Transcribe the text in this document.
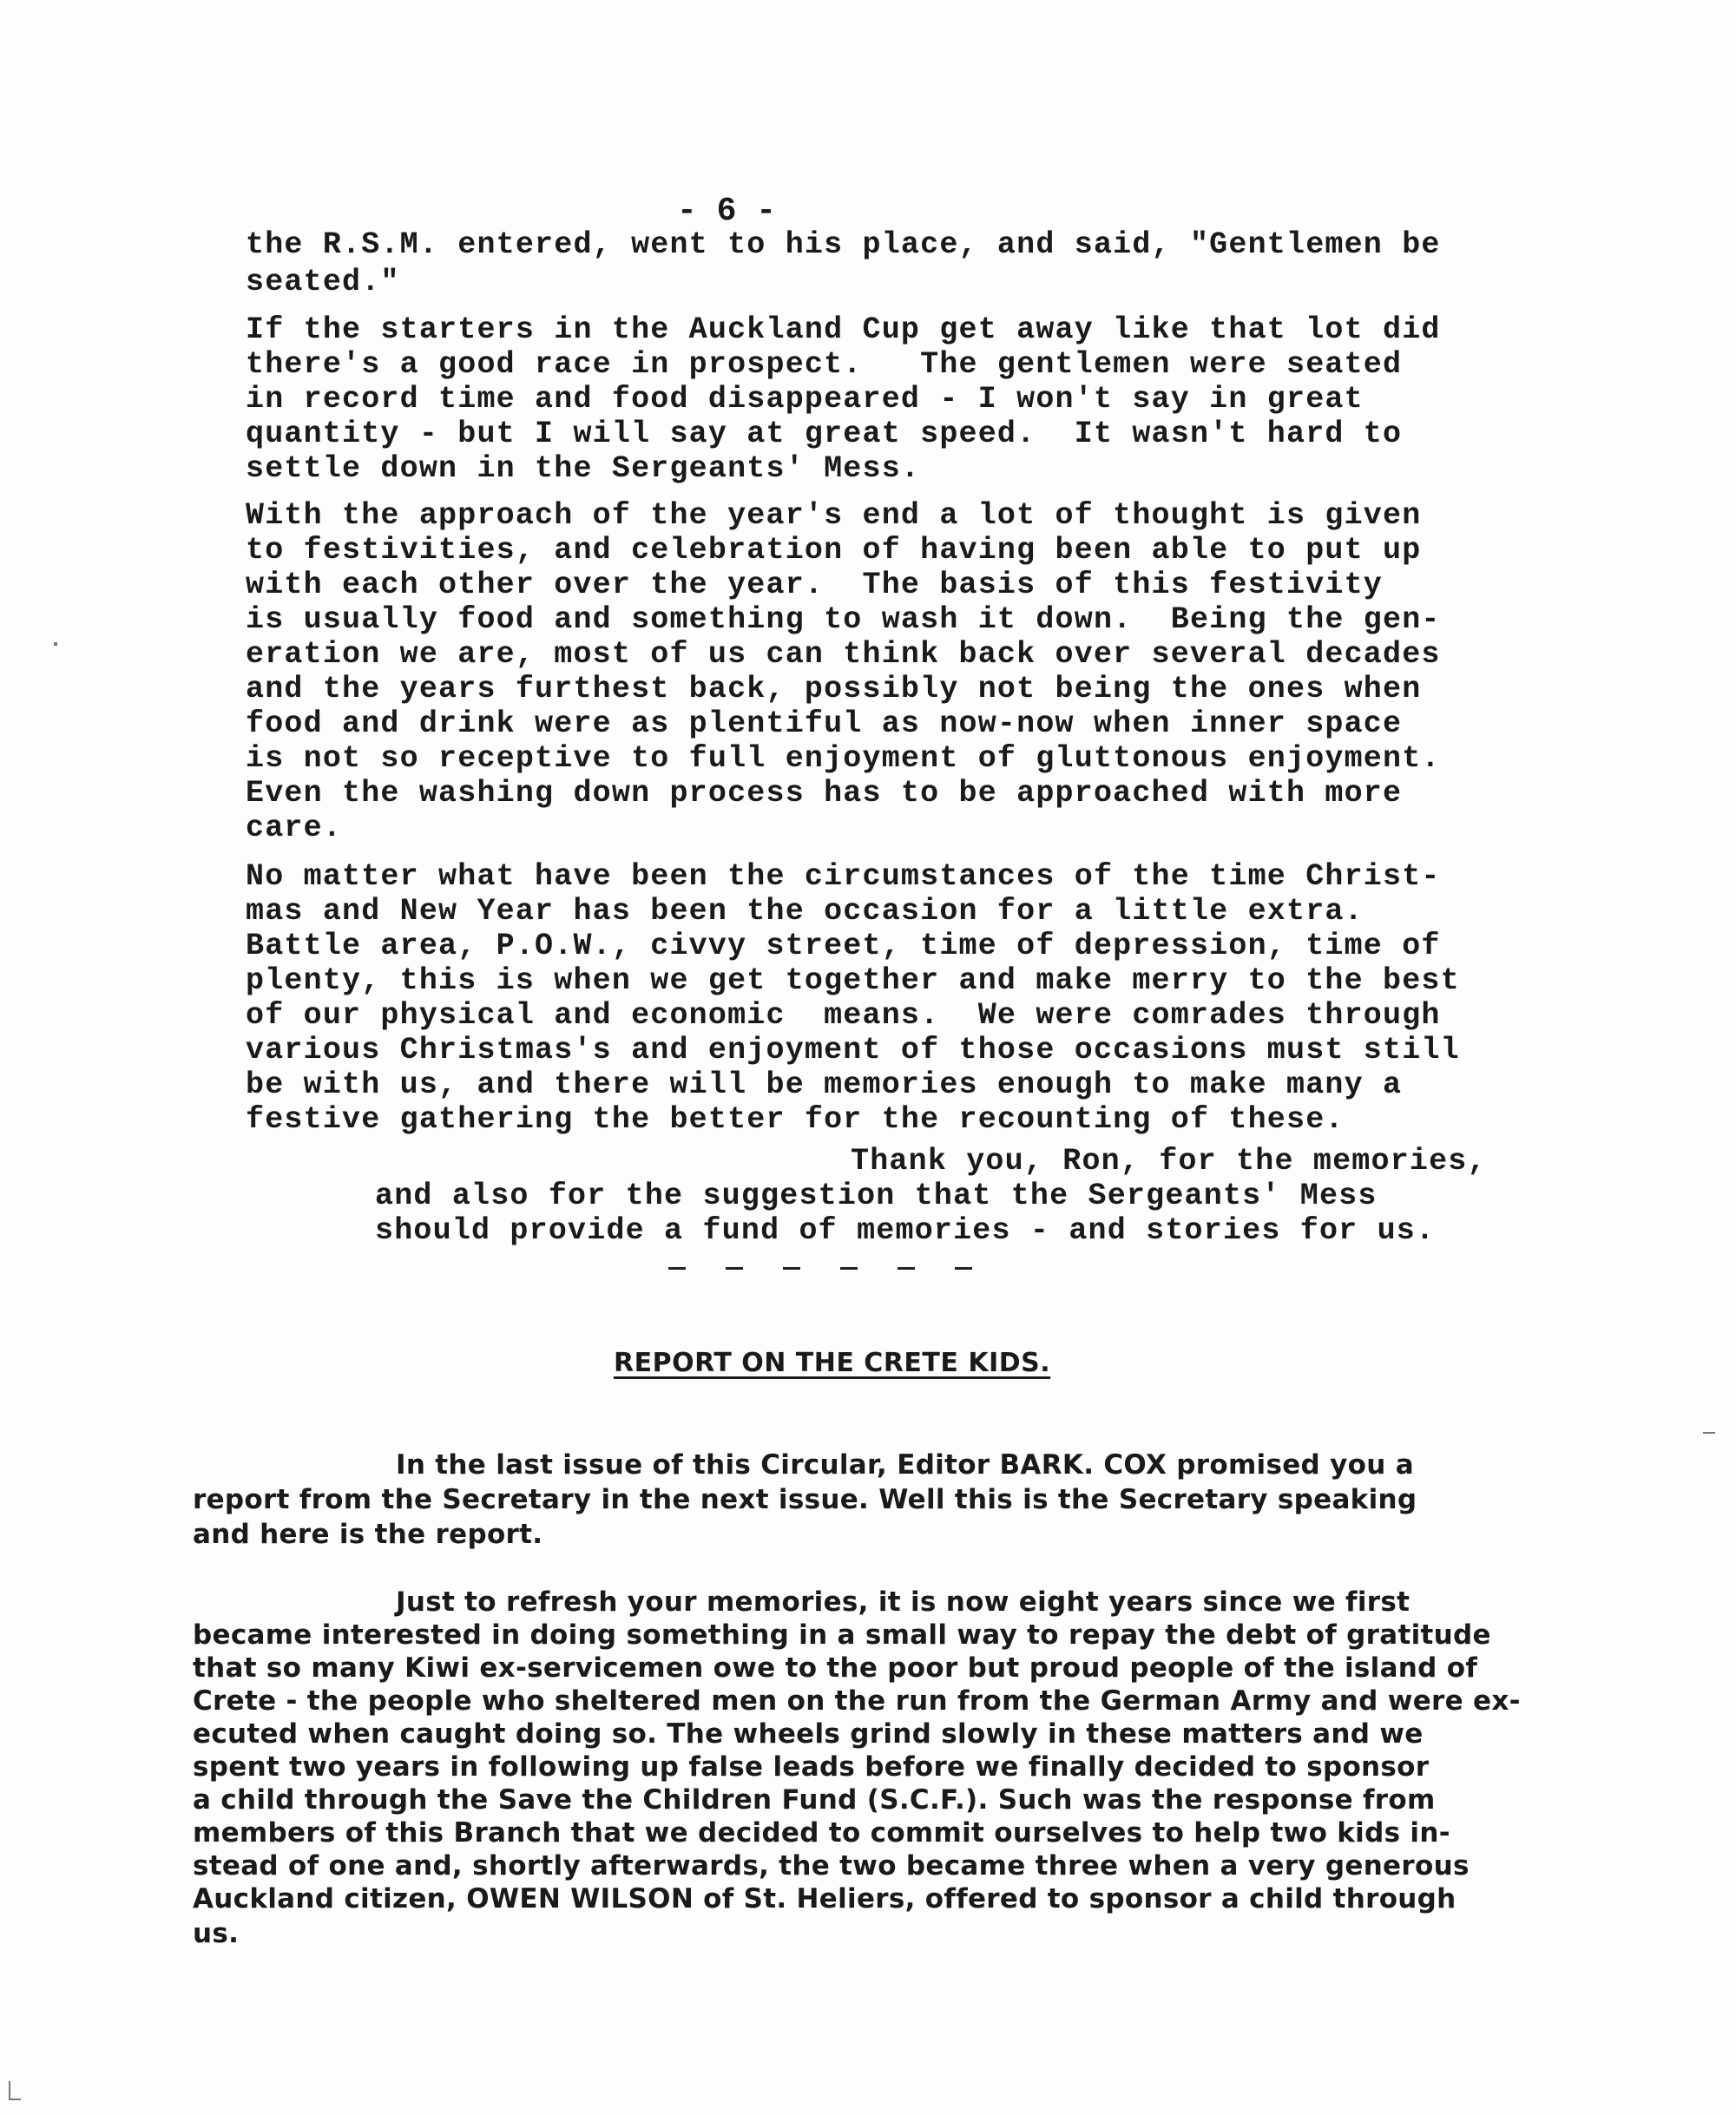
- 6 -
the R.S.M. entered, went to his place, and said, "Gentlemen be
seated."
If the starters in the Auckland Cup get away like that lot did
there's a good race in prospect.   The gentlemen were seated
in record time and food disappeared - I won't say in great
quantity - but I will say at great speed.  It wasn't hard to
settle down in the Sergeants' Mess.
With the approach of the year's end a lot of thought is given
to festivities, and celebration of having been able to put up
with each other over the year.  The basis of this festivity
is usually food and something to wash it down.  Being the gen-
eration we are, most of us can think back over several decades
and the years furthest back, possibly not being the ones when
food and drink were as plentiful as now-now when inner space
is not so receptive to full enjoyment of gluttonous enjoyment.
Even the washing down process has to be approached with more
care.
No matter what have been the circumstances of the time Christ-
mas and New Year has been the occasion for a little extra.
Battle area, P.O.W., civvy street, time of depression, time of
plenty, this is when we get together and make merry to the best
of our physical and economic  means.  We were comrades through
various Christmas's and enjoyment of those occasions must still
be with us, and there will be memories enough to make many a
festive gathering the better for the recounting of these.
Thank you, Ron, for the memories,
and also for the suggestion that the Sergeants' Mess
should provide a fund of memories - and stories for us.
REPORT ON THE CRETE KIDS.
In the last issue of this Circular, Editor BARK. COX promised you a
report from the Secretary in the next issue. Well this is the Secretary speaking
and here is the report.
Just to refresh your memories, it is now eight years since we first
became interested in doing something in a small way to repay the debt of gratitude
that so many Kiwi ex-servicemen owe to the poor but proud people of the island of
Crete - the people who sheltered men on the run from the German Army and were ex-
ecuted when caught doing so. The wheels grind slowly in these matters and we
spent two years in following up false leads before we finally decided to sponsor
a child through the Save the Children Fund (S.C.F.). Such was the response from
members of this Branch that we decided to commit ourselves to help two kids in-
stead of one and, shortly afterwards, the two became three when a very generous
Auckland citizen, OWEN WILSON of St. Heliers, offered to sponsor a child through
us.
